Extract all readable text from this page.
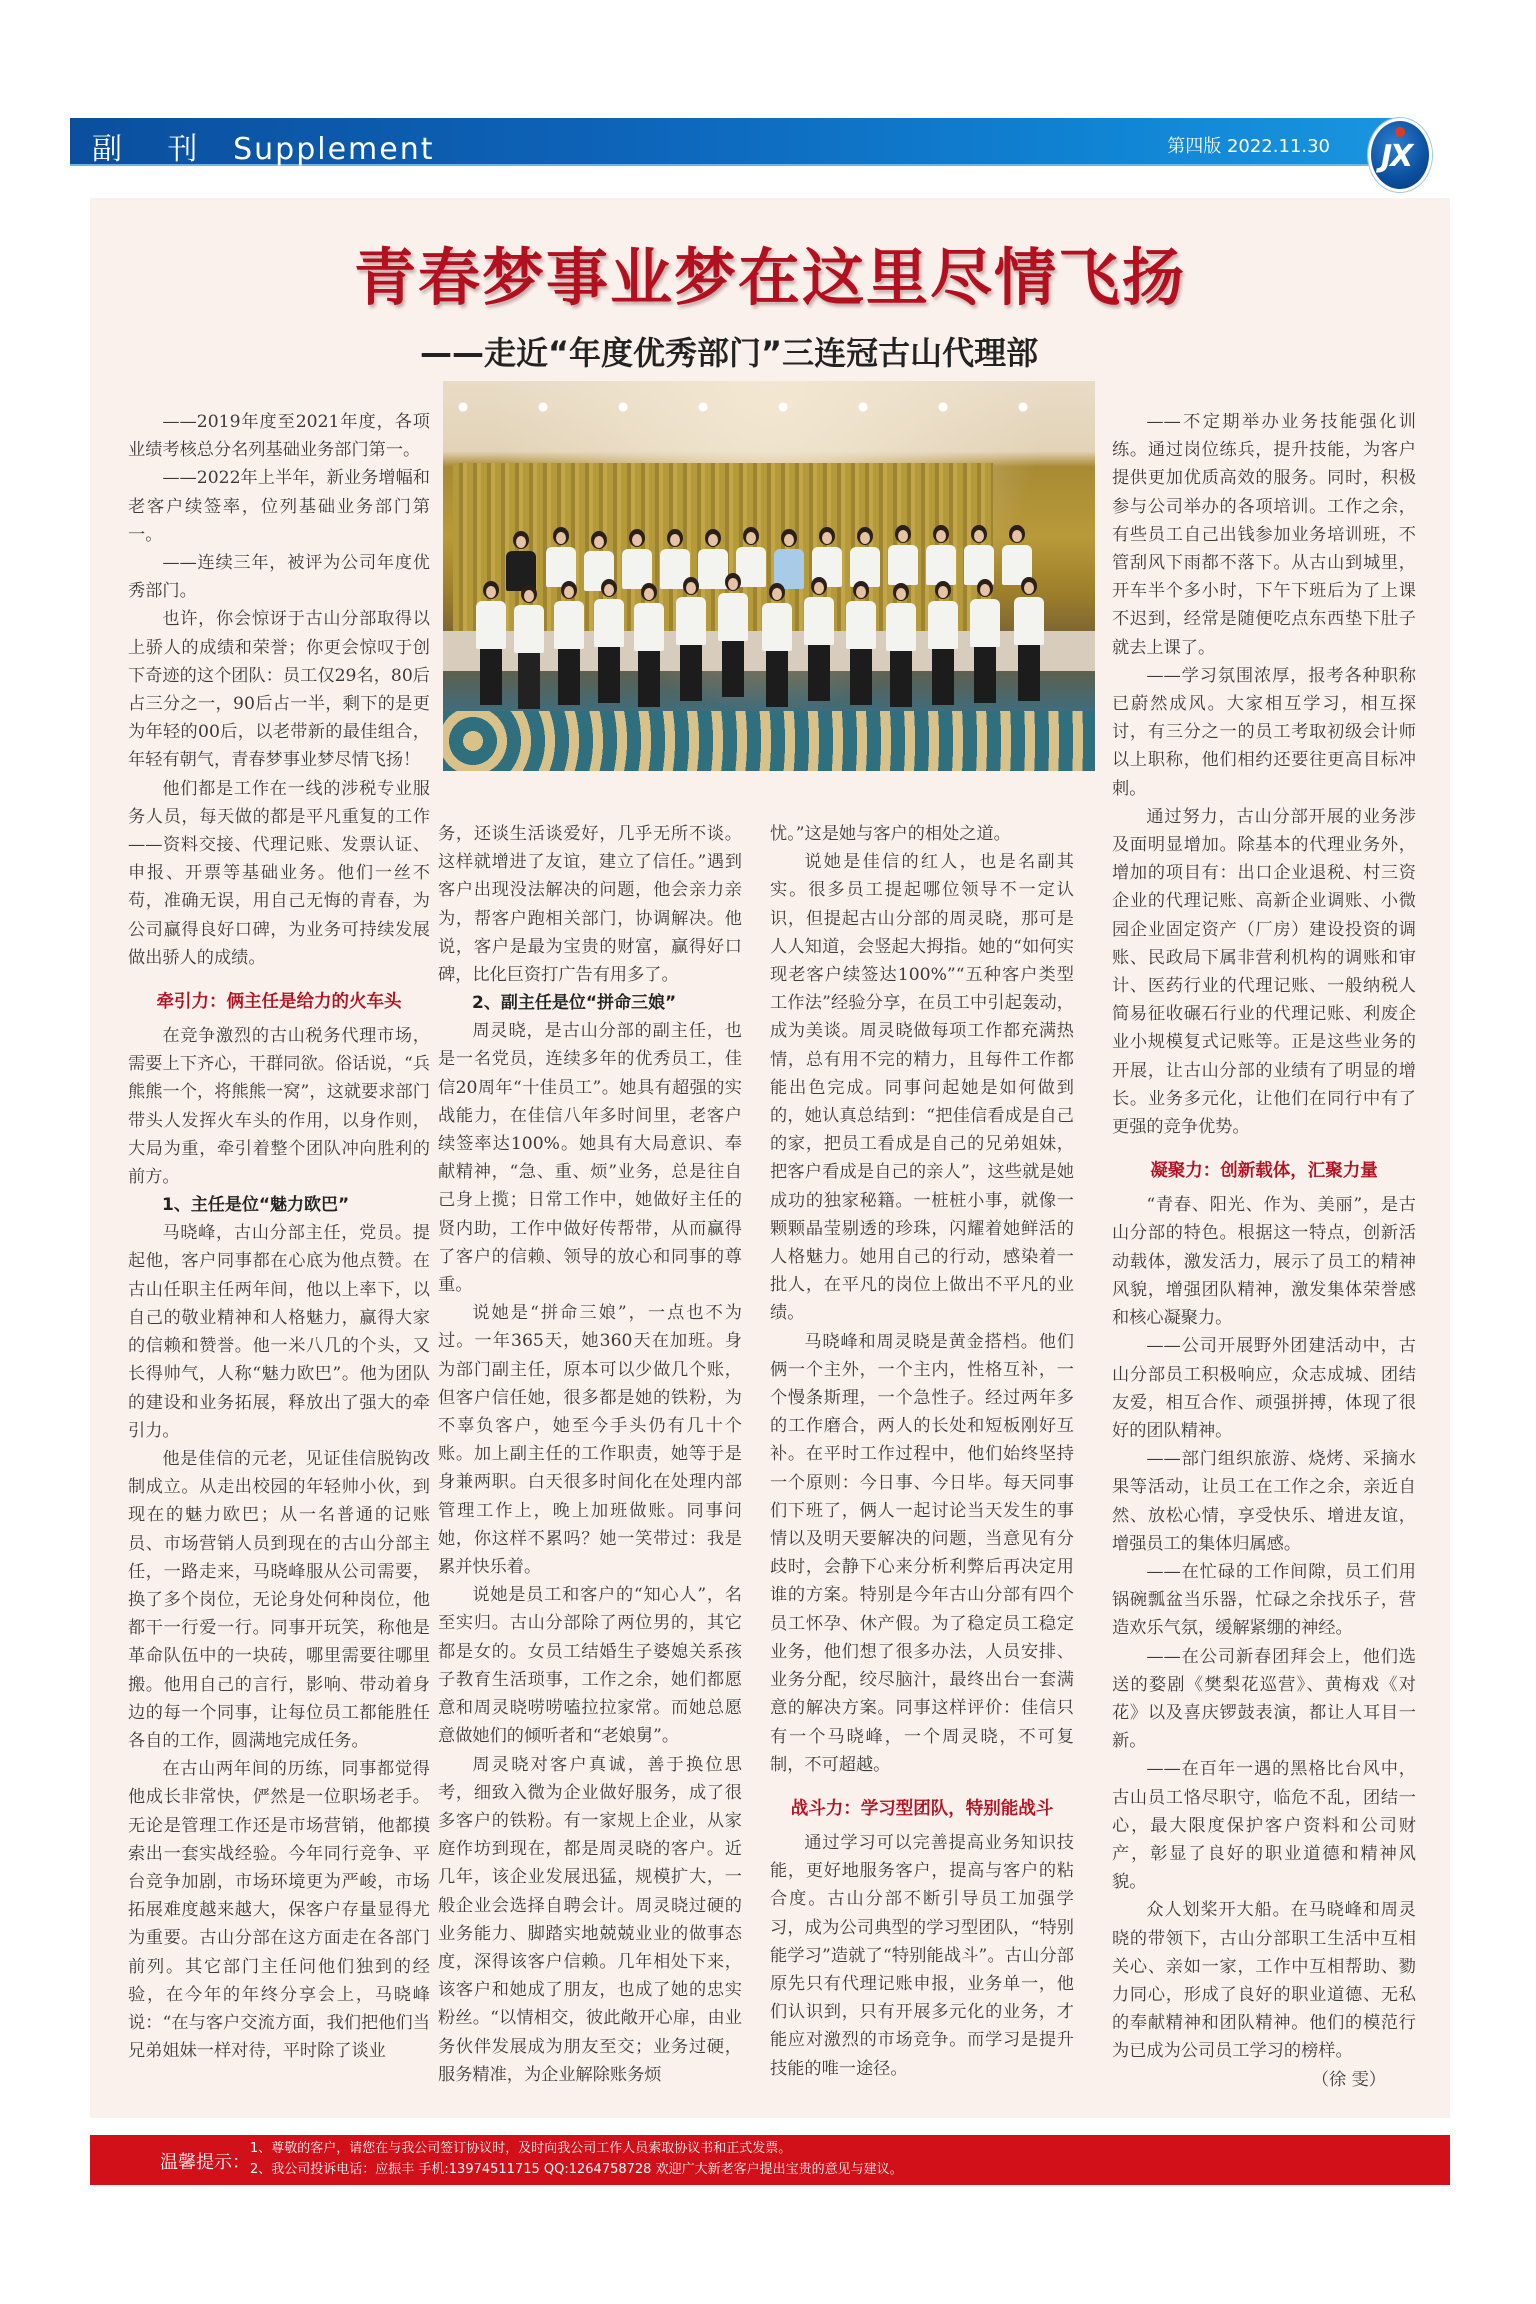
副 刊 Supplement	第四版 2022.11.30 JX
青春梦事业梦在这里尽情飞扬
——走近“年度优秀部门”三连冠古山代理部

——2019年度至2021年度，各项业绩考核总分名列基础业务部门第一。

——2022年上半年，新业务增幅和老客户续签率，位列基础业务部门第一。

——连续三年，被评为公司年度优秀部门。

也许，你会惊讶于古山分部取得以上骄人的成绩和荣誉；你更会惊叹于创下奇迹的这个团队：员工仅29名，80后占三分之一，90后占一半，剩下的是更为年轻的00后，以老带新的最佳组合，年轻有朝气，青春梦事业梦尽情飞扬！

他们都是工作在一线的涉税专业服务人员，每天做的都是平凡重复的工作——资料交接、代理记账、发票认证、申报、开票等基础业务。他们一丝不苟，准确无误，用自己无悔的青春，为公司赢得良好口碑，为业务可持续发展做出骄人的成绩。

牵引力：俩主任是给力的火车头

在竞争激烈的古山税务代理市场，需要上下齐心，干群同欲。俗话说，“兵熊熊一个，将熊熊一窝”，这就要求部门带头人发挥火车头的作用，以身作则，大局为重，牵引着整个团队冲向胜利的前方。

1、主任是位“魅力欧巴”

马晓峰，古山分部主任，党员。提起他，客户同事都在心底为他点赞。在古山任职主任两年间，他以上率下，以自己的敬业精神和人格魅力，赢得大家的信赖和赞誉。他一米八几的个头，又长得帅气，人称“魅力欧巴”。他为团队的建设和业务拓展，释放出了强大的牵引力。

他是佳信的元老，见证佳信脱钩改制成立。从走出校园的年轻帅小伙，到现在的魅力欧巴；从一名普通的记账员、市场营销人员到现在的古山分部主任，一路走来，马晓峰服从公司需要，换了多个岗位，无论身处何种岗位，他都干一行爱一行。同事开玩笑，称他是革命队伍中的一块砖，哪里需要往哪里搬。他用自己的言行，影响、带动着身边的每一个同事，让每位员工都能胜任各自的工作，圆满地完成任务。

在古山两年间的历练，同事都觉得他成长非常快，俨然是一位职场老手。无论是管理工作还是市场营销，他都摸索出一套实战经验。今年同行竞争、平台竞争加剧，市场环境更为严峻，市场拓展难度越来越大，保客户存量显得尤为重要。古山分部在这方面走在各部门前列。其它部门主任问他们独到的经验，在今年的年终分享会上，马晓峰说：“在与客户交流方面，我们把他们当兄弟姐妹一样对待，平时除了谈业

务，还谈生活谈爱好，几乎无所不谈。这样就增进了友谊，建立了信任。”遇到客户出现没法解决的问题，他会亲力亲为，帮客户跑相关部门，协调解决。他说，客户是最为宝贵的财富，赢得好口碑，比化巨资打广告有用多了。

2、副主任是位“拼命三娘”

周灵晓，是古山分部的副主任，也是一名党员，连续多年的优秀员工，佳信20周年“十佳员工”。她具有超强的实战能力，在佳信八年多时间里，老客户续签率达100%。她具有大局意识、奉献精神，“急、重、烦”业务，总是往自己身上揽；日常工作中，她做好主任的贤内助，工作中做好传帮带，从而赢得了客户的信赖、领导的放心和同事的尊重。

说她是“拼命三娘”，一点也不为过。一年365天，她360天在加班。身为部门副主任，原本可以少做几个账，但客户信任她，很多都是她的铁粉，为不辜负客户，她至今手头仍有几十个账。加上副主任的工作职责，她等于是身兼两职。白天很多时间化在处理内部管理工作上，晚上加班做账。同事问她，你这样不累吗？她一笑带过：我是累并快乐着。

说她是员工和客户的“知心人”，名至实归。古山分部除了两位男的，其它都是女的。女员工结婚生子婆媳关系孩子教育生活琐事，工作之余，她们都愿意和周灵晓唠唠嗑拉拉家常。而她总愿意做她们的倾听者和“老娘舅”。

周灵晓对客户真诚，善于换位思考，细致入微为企业做好服务，成了很多客户的铁粉。有一家规上企业，从家庭作坊到现在，都是周灵晓的客户。近几年，该企业发展迅猛，规模扩大，一般企业会选择自聘会计。周灵晓过硬的业务能力、脚踏实地兢兢业业的做事态度，深得该客户信赖。几年相处下来，该客户和她成了朋友，也成了她的忠实粉丝。“以情相交，彼此敞开心扉，由业务伙伴发展成为朋友至交；业务过硬，服务精准，为企业解除账务烦

忧。”这是她与客户的相处之道。

说她是佳信的红人，也是名副其实。很多员工提起哪位领导不一定认识，但提起古山分部的周灵晓，那可是人人知道，会竖起大拇指。她的“如何实现老客户续签达100%”“五种客户类型工作法”经验分享，在员工中引起轰动，成为美谈。周灵晓做每项工作都充满热情，总有用不完的精力，且每件工作都能出色完成。同事问起她是如何做到的，她认真总结到：“把佳信看成是自己的家，把员工看成是自己的兄弟姐妹，把客户看成是自己的亲人”，这些就是她成功的独家秘籍。一桩桩小事，就像一颗颗晶莹剔透的珍珠，闪耀着她鲜活的人格魅力。她用自己的行动，感染着一批人，在平凡的岗位上做出不平凡的业绩。

马晓峰和周灵晓是黄金搭档。他们俩一个主外，一个主内，性格互补，一个慢条斯理，一个急性子。经过两年多的工作磨合，两人的长处和短板刚好互补。在平时工作过程中，他们始终坚持一个原则：今日事、今日毕。每天同事们下班了，俩人一起讨论当天发生的事情以及明天要解决的问题，当意见有分歧时，会静下心来分析利弊后再决定用谁的方案。特别是今年古山分部有四个员工怀孕、休产假。为了稳定员工稳定业务，他们想了很多办法，人员安排、业务分配，绞尽脑汁，最终出台一套满意的解决方案。同事这样评价：佳信只有一个马晓峰，一个周灵晓，不可复制，不可超越。

战斗力：学习型团队，特别能战斗

通过学习可以完善提高业务知识技能，更好地服务客户，提高与客户的粘合度。古山分部不断引导员工加强学习，成为公司典型的学习型团队，“特别能学习”造就了“特别能战斗”。古山分部原先只有代理记账申报，业务单一，他们认识到，只有开展多元化的业务，才能应对激烈的市场竞争。而学习是提升技能的唯一途径。

——不定期举办业务技能强化训练。通过岗位练兵，提升技能，为客户提供更加优质高效的服务。同时，积极参与公司举办的各项培训。工作之余，有些员工自己出钱参加业务培训班，不管刮风下雨都不落下。从古山到城里，开车半个多小时，下午下班后为了上课不迟到，经常是随便吃点东西垫下肚子就去上课了。

——学习氛围浓厚，报考各种职称已蔚然成风。大家相互学习，相互探讨，有三分之一的员工考取初级会计师以上职称，他们相约还要往更高目标冲刺。

通过努力，古山分部开展的业务涉及面明显增加。除基本的代理业务外，增加的项目有：出口企业退税、村三资企业的代理记账、高新企业调账、小微园企业固定资产（厂房）建设投资的调账、民政局下属非营利机构的调账和审计、医药行业的代理记账、一般纳税人简易征收碾石行业的代理记账、利废企业小规模复式记账等。正是这些业务的开展，让古山分部的业绩有了明显的增长。业务多元化，让他们在同行中有了更强的竞争优势。

凝聚力：创新载体，汇聚力量

“青春、阳光、作为、美丽”，是古山分部的特色。根据这一特点，创新活动载体，激发活力，展示了员工的精神风貌，增强团队精神，激发集体荣誉感和核心凝聚力。

——公司开展野外团建活动中，古山分部员工积极响应，众志成城、团结友爱，相互合作、顽强拼搏，体现了很好的团队精神。

——部门组织旅游、烧烤、采摘水果等活动，让员工在工作之余，亲近自然、放松心情，享受快乐、增进友谊，增强员工的集体归属感。

——在忙碌的工作间隙，员工们用锅碗瓢盆当乐器，忙碌之余找乐子，营造欢乐气氛，缓解紧绷的神经。

——在公司新春团拜会上，他们选送的婺剧《樊梨花巡营》、黄梅戏《对花》以及喜庆锣鼓表演，都让人耳目一新。

——在百年一遇的黑格比台风中，古山员工恪尽职守，临危不乱，团结一心，最大限度保护客户资料和公司财产，彰显了良好的职业道德和精神风貌。

众人划桨开大船。在马晓峰和周灵晓的带领下，古山分部职工生活中互相关心、亲如一家，工作中互相帮助、勠力同心，形成了良好的职业道德、无私的奉献精神和团队精神。他们的模范行为已成为公司员工学习的榜样。

（徐 雯）

温馨提示：
1、尊敬的客户，请您在与我公司签订协议时，及时向我公司工作人员索取协议书和正式发票。
2、我公司投诉电话：应振丰 手机:13974511715 QQ:1264758728 欢迎广大新老客户提出宝贵的意见与建议。
